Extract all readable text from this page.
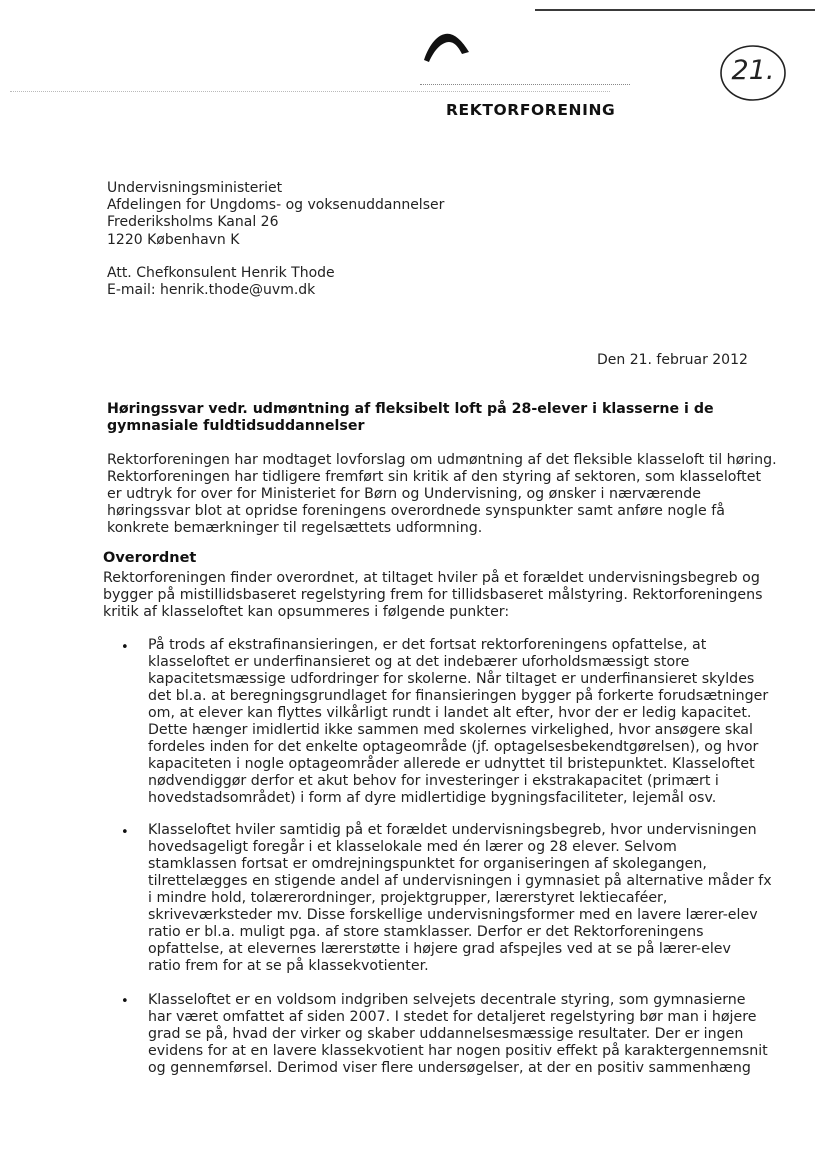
REKTORFORENING
21.
Undervisningsministeriet
Afdelingen for Ungdoms- og voksenuddannelser
Frederiksholms Kanal 26
1220 København K
Att. Chefkonsulent Henrik Thode
E-mail: henrik.thode@uvm.dk
Den 21. februar 2012
Høringssvar vedr. udmøntning af fleksibelt loft på 28-elever i klasserne i de
gymnasiale fuldtidsuddannelser
Rektorforeningen har modtaget lovforslag om udmøntning af det fleksible klasseloft til høring.
Rektorforeningen har tidligere fremført sin kritik af den styring af sektoren, som klasseloftet
er udtryk for over for Ministeriet for Børn og Undervisning, og ønsker i nærværende
høringssvar blot at opridse foreningens overordnede synspunkter samt anføre nogle få
konkrete bemærkninger til regelsættets udformning.
Overordnet
Rektorforeningen finder overordnet, at tiltaget hviler på et forældet undervisningsbegreb og
bygger på mistillidsbaseret regelstyring frem for tillidsbaseret målstyring. Rektorforeningens
kritik af klasseloftet kan opsummeres i følgende punkter:
• På trods af ekstrafinansieringen, er det fortsat rektorforeningens opfattelse, at
klasseloftet er underfinansieret og at det indebærer uforholdsmæssigt store
kapacitetsmæssige udfordringer for skolerne. Når tiltaget er underfinansieret skyldes
det bl.a. at beregningsgrundlaget for finansieringen bygger på forkerte forudsætninger
om, at elever kan flyttes vilkårligt rundt i landet alt efter, hvor der er ledig kapacitet.
Dette hænger imidlertid ikke sammen med skolernes virkelighed, hvor ansøgere skal
fordeles inden for det enkelte optageområde (jf. optagelsesbekendtgørelsen), og hvor
kapaciteten i nogle optageområder allerede er udnyttet til bristepunktet. Klasseloftet
nødvendiggør derfor et akut behov for investeringer i ekstrakapacitet (primært i
hovedstadsområdet) i form af dyre midlertidige bygningsfaciliteter, lejemål osv.
• Klasseloftet hviler samtidig på et forældet undervisningsbegreb, hvor undervisningen
hovedsageligt foregår i et klasselokale med én lærer og 28 elever. Selvom
stamklassen fortsat er omdrejningspunktet for organiseringen af skolegangen,
tilrettelægges en stigende andel af undervisningen i gymnasiet på alternative måder fx
i mindre hold, tolærerordninger, projektgrupper, lærerstyret lektiecaféer,
skriveværksteder mv. Disse forskellige undervisningsformer med en lavere lærer-elev
ratio er bl.a. muligt pga. af store stamklasser. Derfor er det Rektorforeningens
opfattelse, at elevernes lærerstøtte i højere grad afspejles ved at se på lærer-elev
ratio frem for at se på klassekvotienter.
• Klasseloftet er en voldsom indgriben selvejets decentrale styring, som gymnasierne
har været omfattet af siden 2007. I stedet for detaljeret regelstyring bør man i højere
grad se på, hvad der virker og skaber uddannelsesmæssige resultater. Der er ingen
evidens for at en lavere klassekvotient har nogen positiv effekt på karaktergennemsnit
og gennemførsel. Derimod viser flere undersøgelser, at der en positiv sammenhæng
